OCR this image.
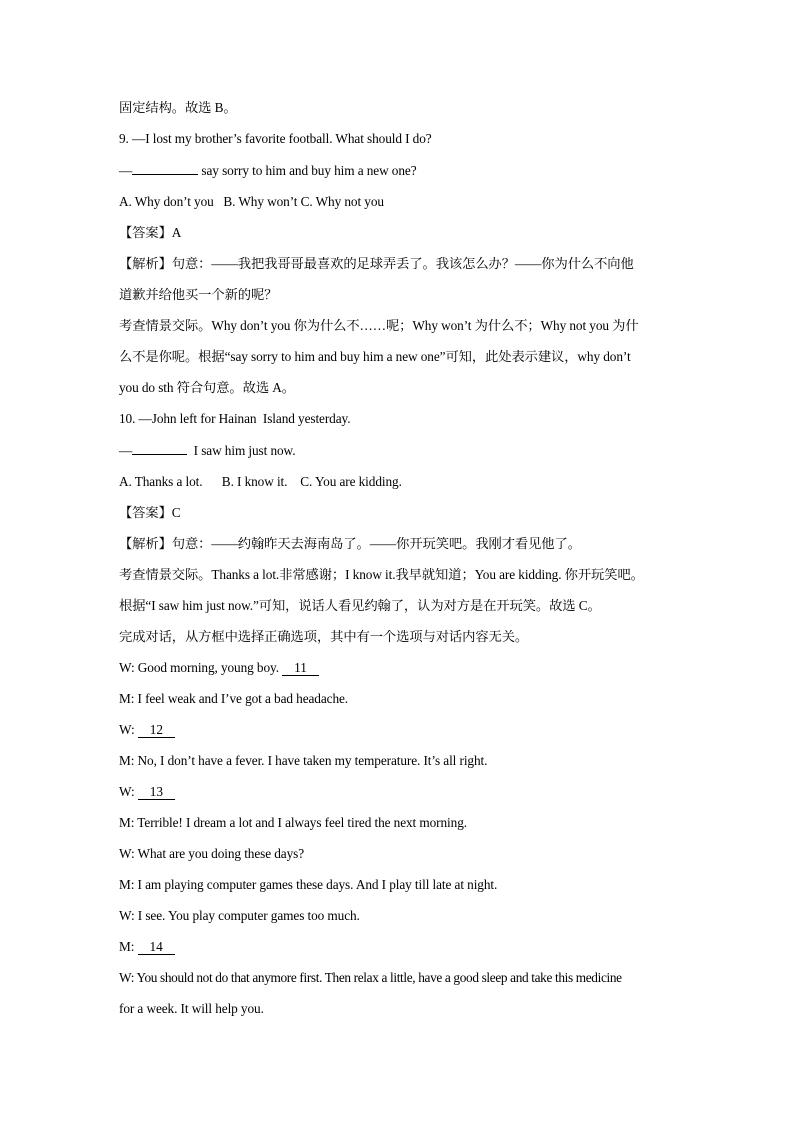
固定结构。故选 B。
9. —I lost my brother’s favorite football. What should I do?
—	say sorry to him and buy him a new one?
A. Why don’t you   B. Why won’t C. Why not you
【答案】A
【解析】句意：——我把我哥哥最喜欢的足球弄丢了。我该怎么办？——你为什么不向他
道歉并给他买一个新的呢？
考查情景交际。Why don’t you 你为什么不……呢；Why won’t 为什么不；Why not you 为什
么不是你呢。根据“say sorry to him and buy him a new one”可知，此处表示建议，why don’t
you do sth 符合句意。故选 A。
10. —John left for Hainan  Island yesterday.
—	I saw him just now.
A. Thanks a lot.      B. I know it.    C. You are kidding.
【答案】C
【解析】句意：——约翰昨天去海南岛了。——你开玩笑吧。我刚才看见他了。
考查情景交际。Thanks a lot.非常感谢；I know it.我早就知道；You are kidding. 你开玩笑吧。
根据“I saw him just now.”可知，说话人看见约翰了，认为对方是在开玩笑。故选 C。
完成对话，从方框中选择正确选项，其中有一个选项与对话内容无关。
W: Good morning, young boy. 11
M: I feel weak and I’ve got a bad headache.
W: 12
M: No, I don’t have a fever. I have taken my temperature. It’s all right.
W: 13
M: Terrible! I dream a lot and I always feel tired the next morning.
W: What are you doing these days?
M: I am playing computer games these days. And I play till late at night.
W: I see. You play computer games too much.
M: 14
W: You should not do that anymore first. Then relax a little, have a good sleep and take this medicine
for a week. It will help you.
